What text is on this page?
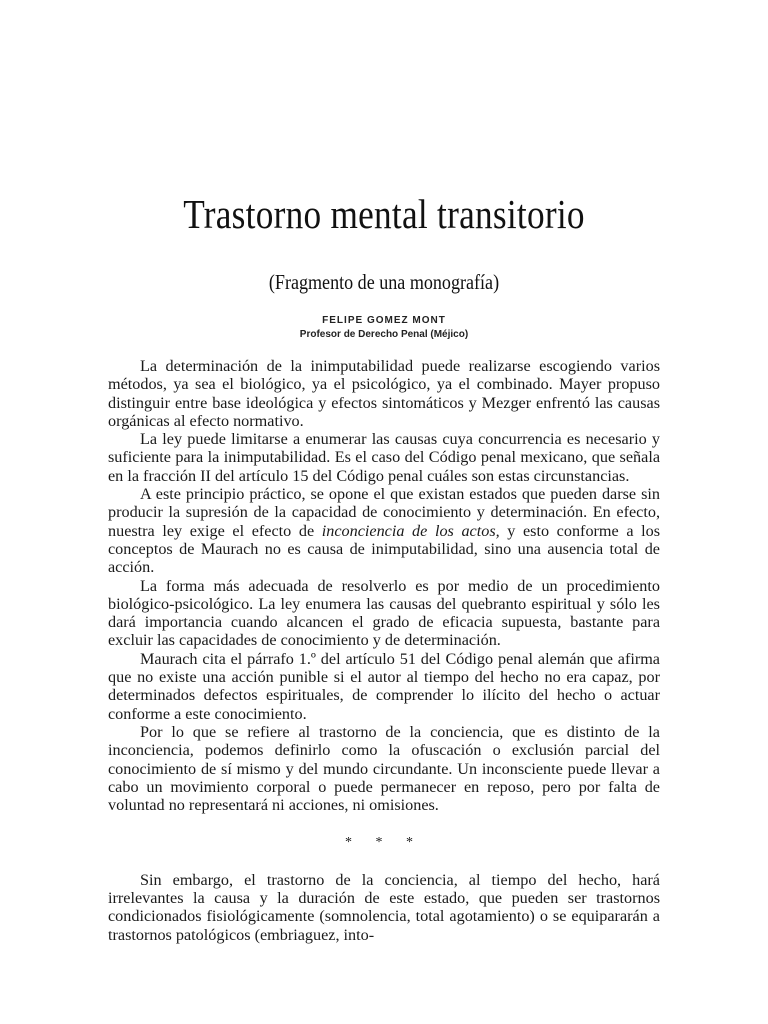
Trastorno mental transitorio
(Fragmento de una monografía)
FELIPE GOMEZ MONT
Profesor de Derecho Penal (Méjico)

La determinación de la inimputabilidad puede realizarse escogiendo varios métodos, ya sea el biológico, ya el psicológico, ya el combinado. Mayer propuso distinguir entre base ideológica y efectos sintomáticos y Mezger enfrentó las causas orgánicas al efecto normativo.

La ley puede limitarse a enumerar las causas cuya concurrencia es necesario y suficiente para la inimputabilidad. Es el caso del Código penal mexicano, que señala en la fracción II del artículo 15 del Código penal cuáles son estas circunstancias.

A este principio práctico, se opone el que existan estados que pueden darse sin producir la supresión de la capacidad de conocimiento y determinación. En efecto, nuestra ley exige el efecto de inconciencia de los actos, y esto conforme a los conceptos de Maurach no es causa de inimputabilidad, sino una ausencia total de acción.

La forma más adecuada de resolverlo es por medio de un procedimiento biológico-psicológico. La ley enumera las causas del quebranto espiritual y sólo les dará importancia cuando alcancen el grado de eficacia supuesta, bastante para excluir las capacidades de conocimiento y de determinación.

Maurach cita el párrafo 1.º del artículo 51 del Código penal alemán que afirma que no existe una acción punible si el autor al tiempo del hecho no era capaz, por determinados defectos espirituales, de comprender lo ilícito del hecho o actuar conforme a este conocimiento.

Por lo que se refiere al trastorno de la conciencia, que es distinto de la inconciencia, podemos definirlo como la ofuscación o exclusión parcial del conocimiento de sí mismo y del mundo circundante. Un inconsciente puede llevar a cabo un movimiento corporal o puede permanecer en reposo, pero por falta de voluntad no representará ni acciones, ni omisiones.

* * *

Sin embargo, el trastorno de la conciencia, al tiempo del hecho, hará irrelevantes la causa y la duración de este estado, que pueden ser trastornos condicionados fisiológicamente (somnolencia, total agotamiento) o se equipararán a trastornos patológicos (embriaguez, into-
